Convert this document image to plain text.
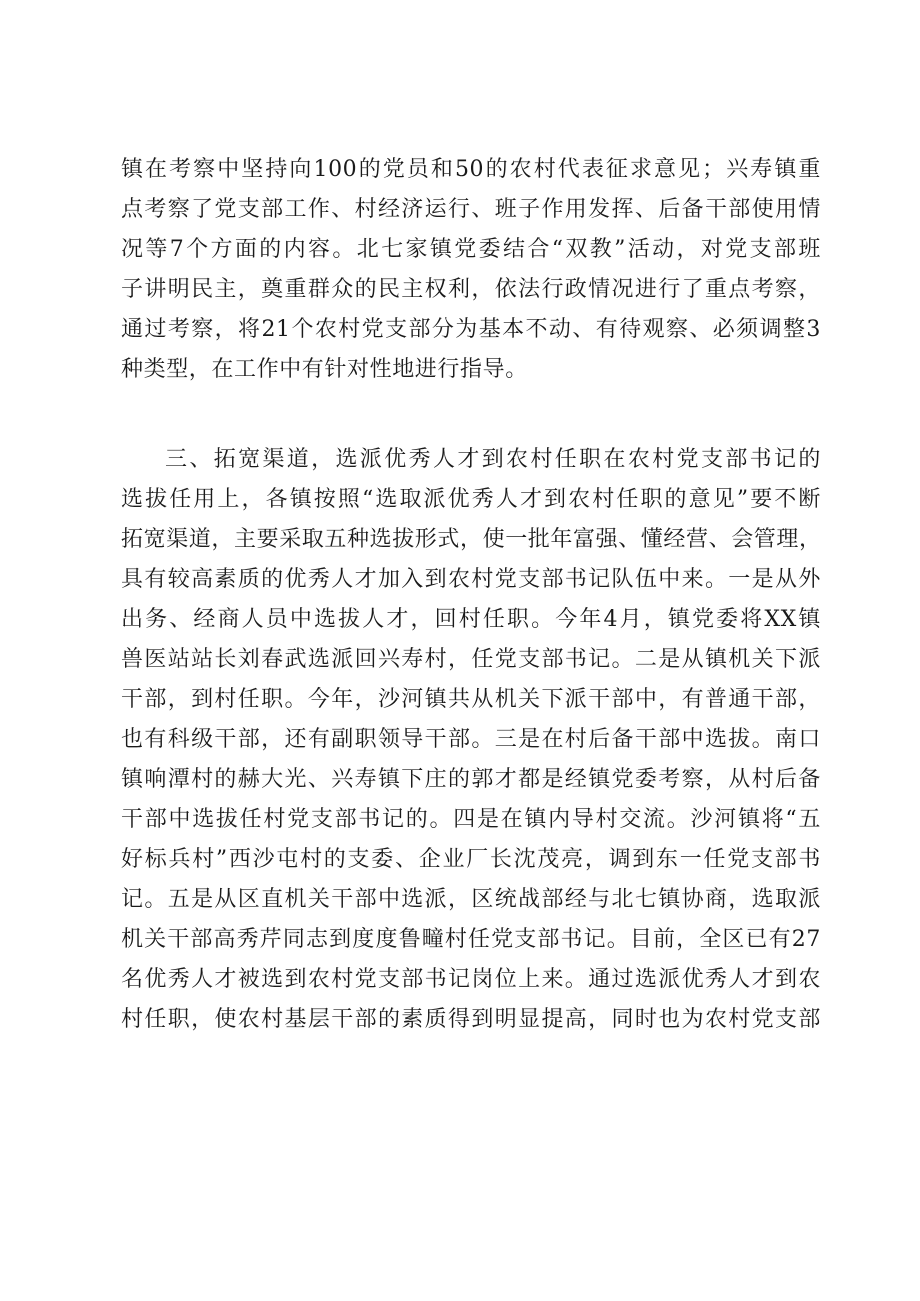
镇在考察中坚持向100的党员和50的农村代表征求意见；兴寿镇重
点考察了党支部工作、村经济运行、班子作用发挥、后备干部使用情
况等7个方面的内容。北七家镇党委结合“双教”活动，对党支部班
子讲明民主，奠重群众的民主权利，依法行政情况进行了重点考察，
通过考察，将21个农村党支部分为基本不动、有待观察、必须调整3
种类型，在工作中有针对性地进行指导。
三、拓宽渠道，选派优秀人才到农村任职在农村党支部书记的
选拔任用上，各镇按照“选取派优秀人才到农村任职的意见”要不断
拓宽渠道，主要采取五种选拔形式，使一批年富强、懂经营、会管理，
具有较高素质的优秀人才加入到农村党支部书记队伍中来。一是从外
出务、经商人员中选拔人才，回村任职。今年4月，镇党委将XX镇
兽医站站长刘春武选派回兴寿村，任党支部书记。二是从镇机关下派
干部，到村任职。今年，沙河镇共从机关下派干部中，有普通干部，
也有科级干部，还有副职领导干部。三是在村后备干部中选拔。南口
镇响潭村的赫大光、兴寿镇下庄的郭才都是经镇党委考察，从村后备
干部中选拔任村党支部书记的。四是在镇内导村交流。沙河镇将“五
好标兵村”西沙屯村的支委、企业厂长沈茂亮，调到东一任党支部书
记。五是从区直机关干部中选派，区统战部经与北七镇协商，选取派
机关干部高秀芹同志到度度鲁疃村任党支部书记。目前，全区已有27
名优秀人才被选到农村党支部书记岗位上来。通过选派优秀人才到农
村任职，使农村基层干部的素质得到明显提高，同时也为农村党支部
